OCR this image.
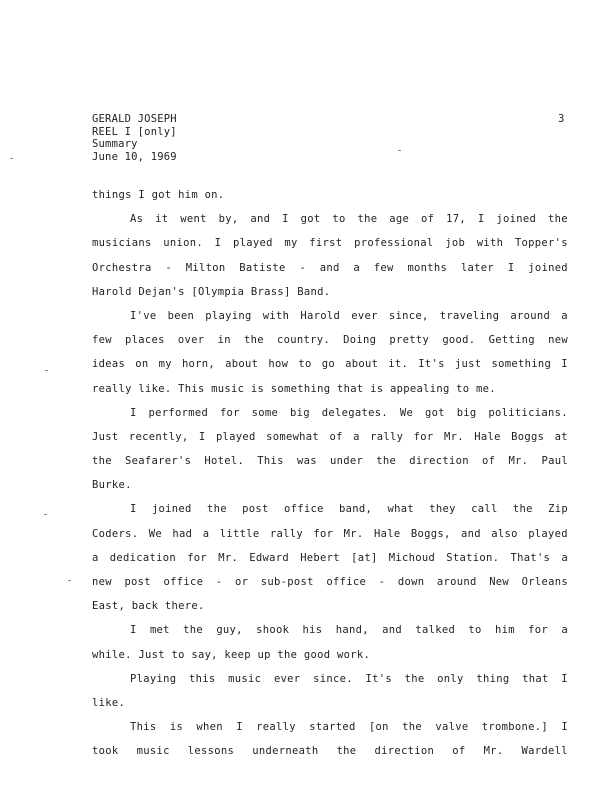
GERALD JOSEPH
REEL I [only]
Summary
June 10, 1969
3
things I got him on.
As it went by, and I got to the age of 17, I joined the
musicians union. I played my first professional job with Topper's
Orchestra - Milton Batiste - and a few months later I joined
Harold Dejan's [Olympia Brass] Band.
I've been playing with Harold ever since, traveling around a
few places over in the country. Doing pretty good. Getting new
ideas on my horn, about how to go about it. It's just something I
really like. This music is something that is appealing to me.
I performed for some big delegates. We got big politicians.
Just recently, I played somewhat of a rally for Mr. Hale Boggs at
the Seafarer's Hotel. This was under the direction of Mr. Paul
Burke.
I joined the post office band, what they call the Zip
Coders. We had a little rally for Mr. Hale Boggs, and also played
a dedication for Mr. Edward Hebert [at] Michoud Station. That's a
new post office - or sub-post office - down around New Orleans
East, back there.
I met the guy, shook his hand, and talked to him for a
while. Just to say, keep up the good work.
Playing this music ever since. It's the only thing that I
like.
This is when I really started [on the valve trombone.] I
took music lessons underneath the direction of Mr. Wardell
